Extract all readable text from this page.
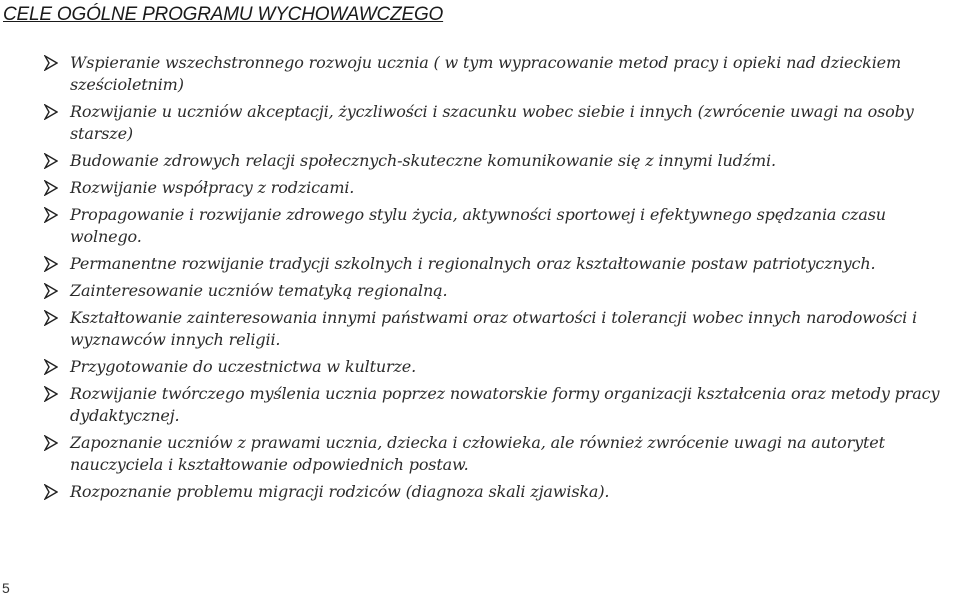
CELE OGÓLNE PROGRAMU WYCHOWAWCZEGO
Wspieranie wszechstronnego rozwoju ucznia ( w tym wypracowanie metod pracy i opieki nad dzieckiem sześcioletnim)
Rozwijanie u uczniów akceptacji, życzliwości i szacunku wobec siebie i innych (zwrócenie uwagi na osoby starsze)
Budowanie zdrowych relacji społecznych-skuteczne komunikowanie się z innymi ludźmi.
Rozwijanie współpracy z rodzicami.
Propagowanie i rozwijanie zdrowego stylu życia, aktywności sportowej i efektywnego spędzania czasu wolnego.
Permanentne rozwijanie tradycji szkolnych i regionalnych oraz kształtowanie postaw patriotycznych.
Zainteresowanie uczniów tematyką regionalną.
Kształtowanie zainteresowania innymi państwami oraz otwartości i tolerancji wobec innych narodowości i wyznawców innych religii.
Przygotowanie do uczestnictwa w kulturze.
Rozwijanie twórczego myślenia ucznia poprzez nowatorskie formy organizacji kształcenia oraz metody pracy dydaktycznej.
Zapoznanie uczniów z prawami ucznia, dziecka i człowieka, ale również zwrócenie uwagi na autorytet nauczyciela i kształtowanie odpowiednich postaw.
Rozpoznanie problemu migracji rodziców (diagnoza skali zjawiska).
5
